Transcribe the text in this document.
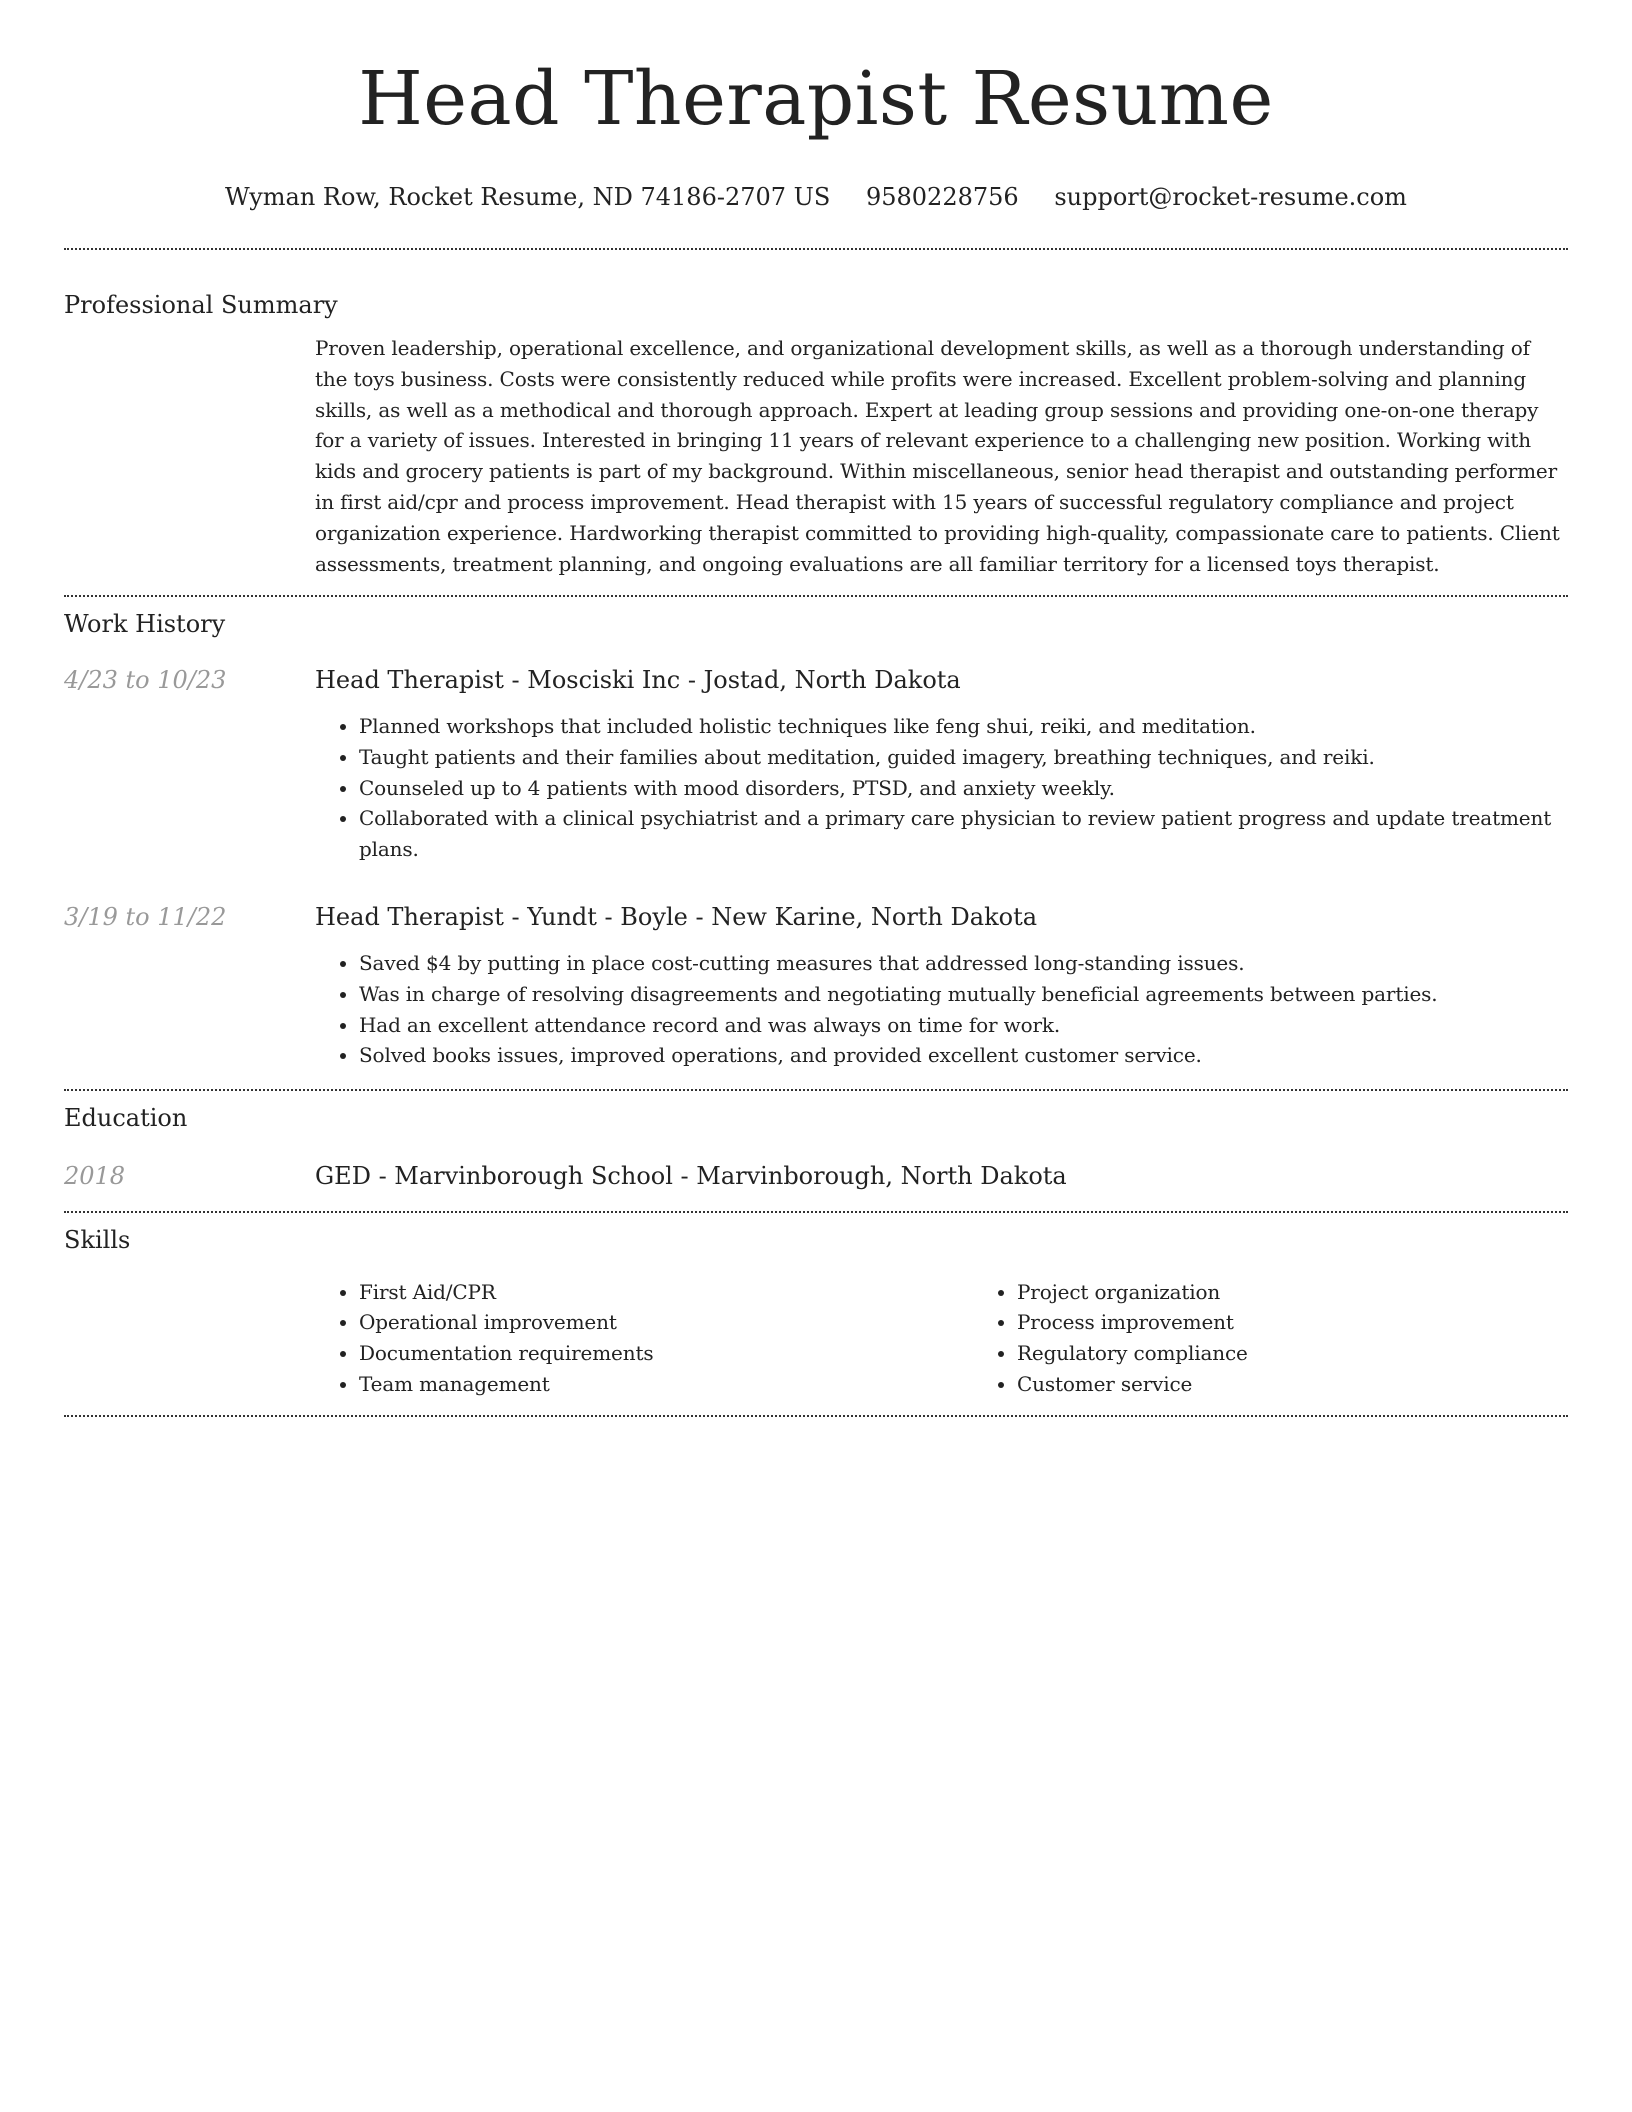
Head Therapist Resume
Wyman Row, Rocket Resume, ND 74186-2707 US 9580228756 support@rocket-resume.com
Professional Summary

Proven leadership, operational excellence, and organizational development skills, as well as a thorough understanding of the toys business. Costs were consistently reduced while profits were increased. Excellent problem-solving and planning skills, as well as a methodical and thorough approach. Expert at leading group sessions and providing one-on-one therapy for a variety of issues. Interested in bringing 11 years of relevant experience to a challenging new position. Working with kids and grocery patients is part of my background. Within miscellaneous, senior head therapist and outstanding performer in first aid/cpr and process improvement. Head therapist with 15 years of successful regulatory compliance and project organization experience. Hardworking therapist committed to providing high-quality, compassionate care to patients. Client assessments, treatment planning, and ongoing evaluations are all familiar territory for a licensed toys therapist.

Work History
4/23 to 10/23	Head Therapist - Mosciski Inc - Jostad, North Dakota
• Planned workshops that included holistic techniques like feng shui, reiki, and meditation.
• Taught patients and their families about meditation, guided imagery, breathing techniques, and reiki.
• Counseled up to 4 patients with mood disorders, PTSD, and anxiety weekly.
• Collaborated with a clinical psychiatrist and a primary care physician to review patient progress and update treatment plans.
3/19 to 11/22	Head Therapist - Yundt - Boyle - New Karine, North Dakota
• Saved $4 by putting in place cost-cutting measures that addressed long-standing issues.
• Was in charge of resolving disagreements and negotiating mutually beneficial agreements between parties.
• Had an excellent attendance record and was always on time for work.
• Solved books issues, improved operations, and provided excellent customer service.
Education
2018	GED - Marvinborough School - Marvinborough, North Dakota
Skills
• First Aid/CPR
• Operational improvement
• Documentation requirements
• Team management
• Project organization
• Process improvement
• Regulatory compliance
• Customer service
